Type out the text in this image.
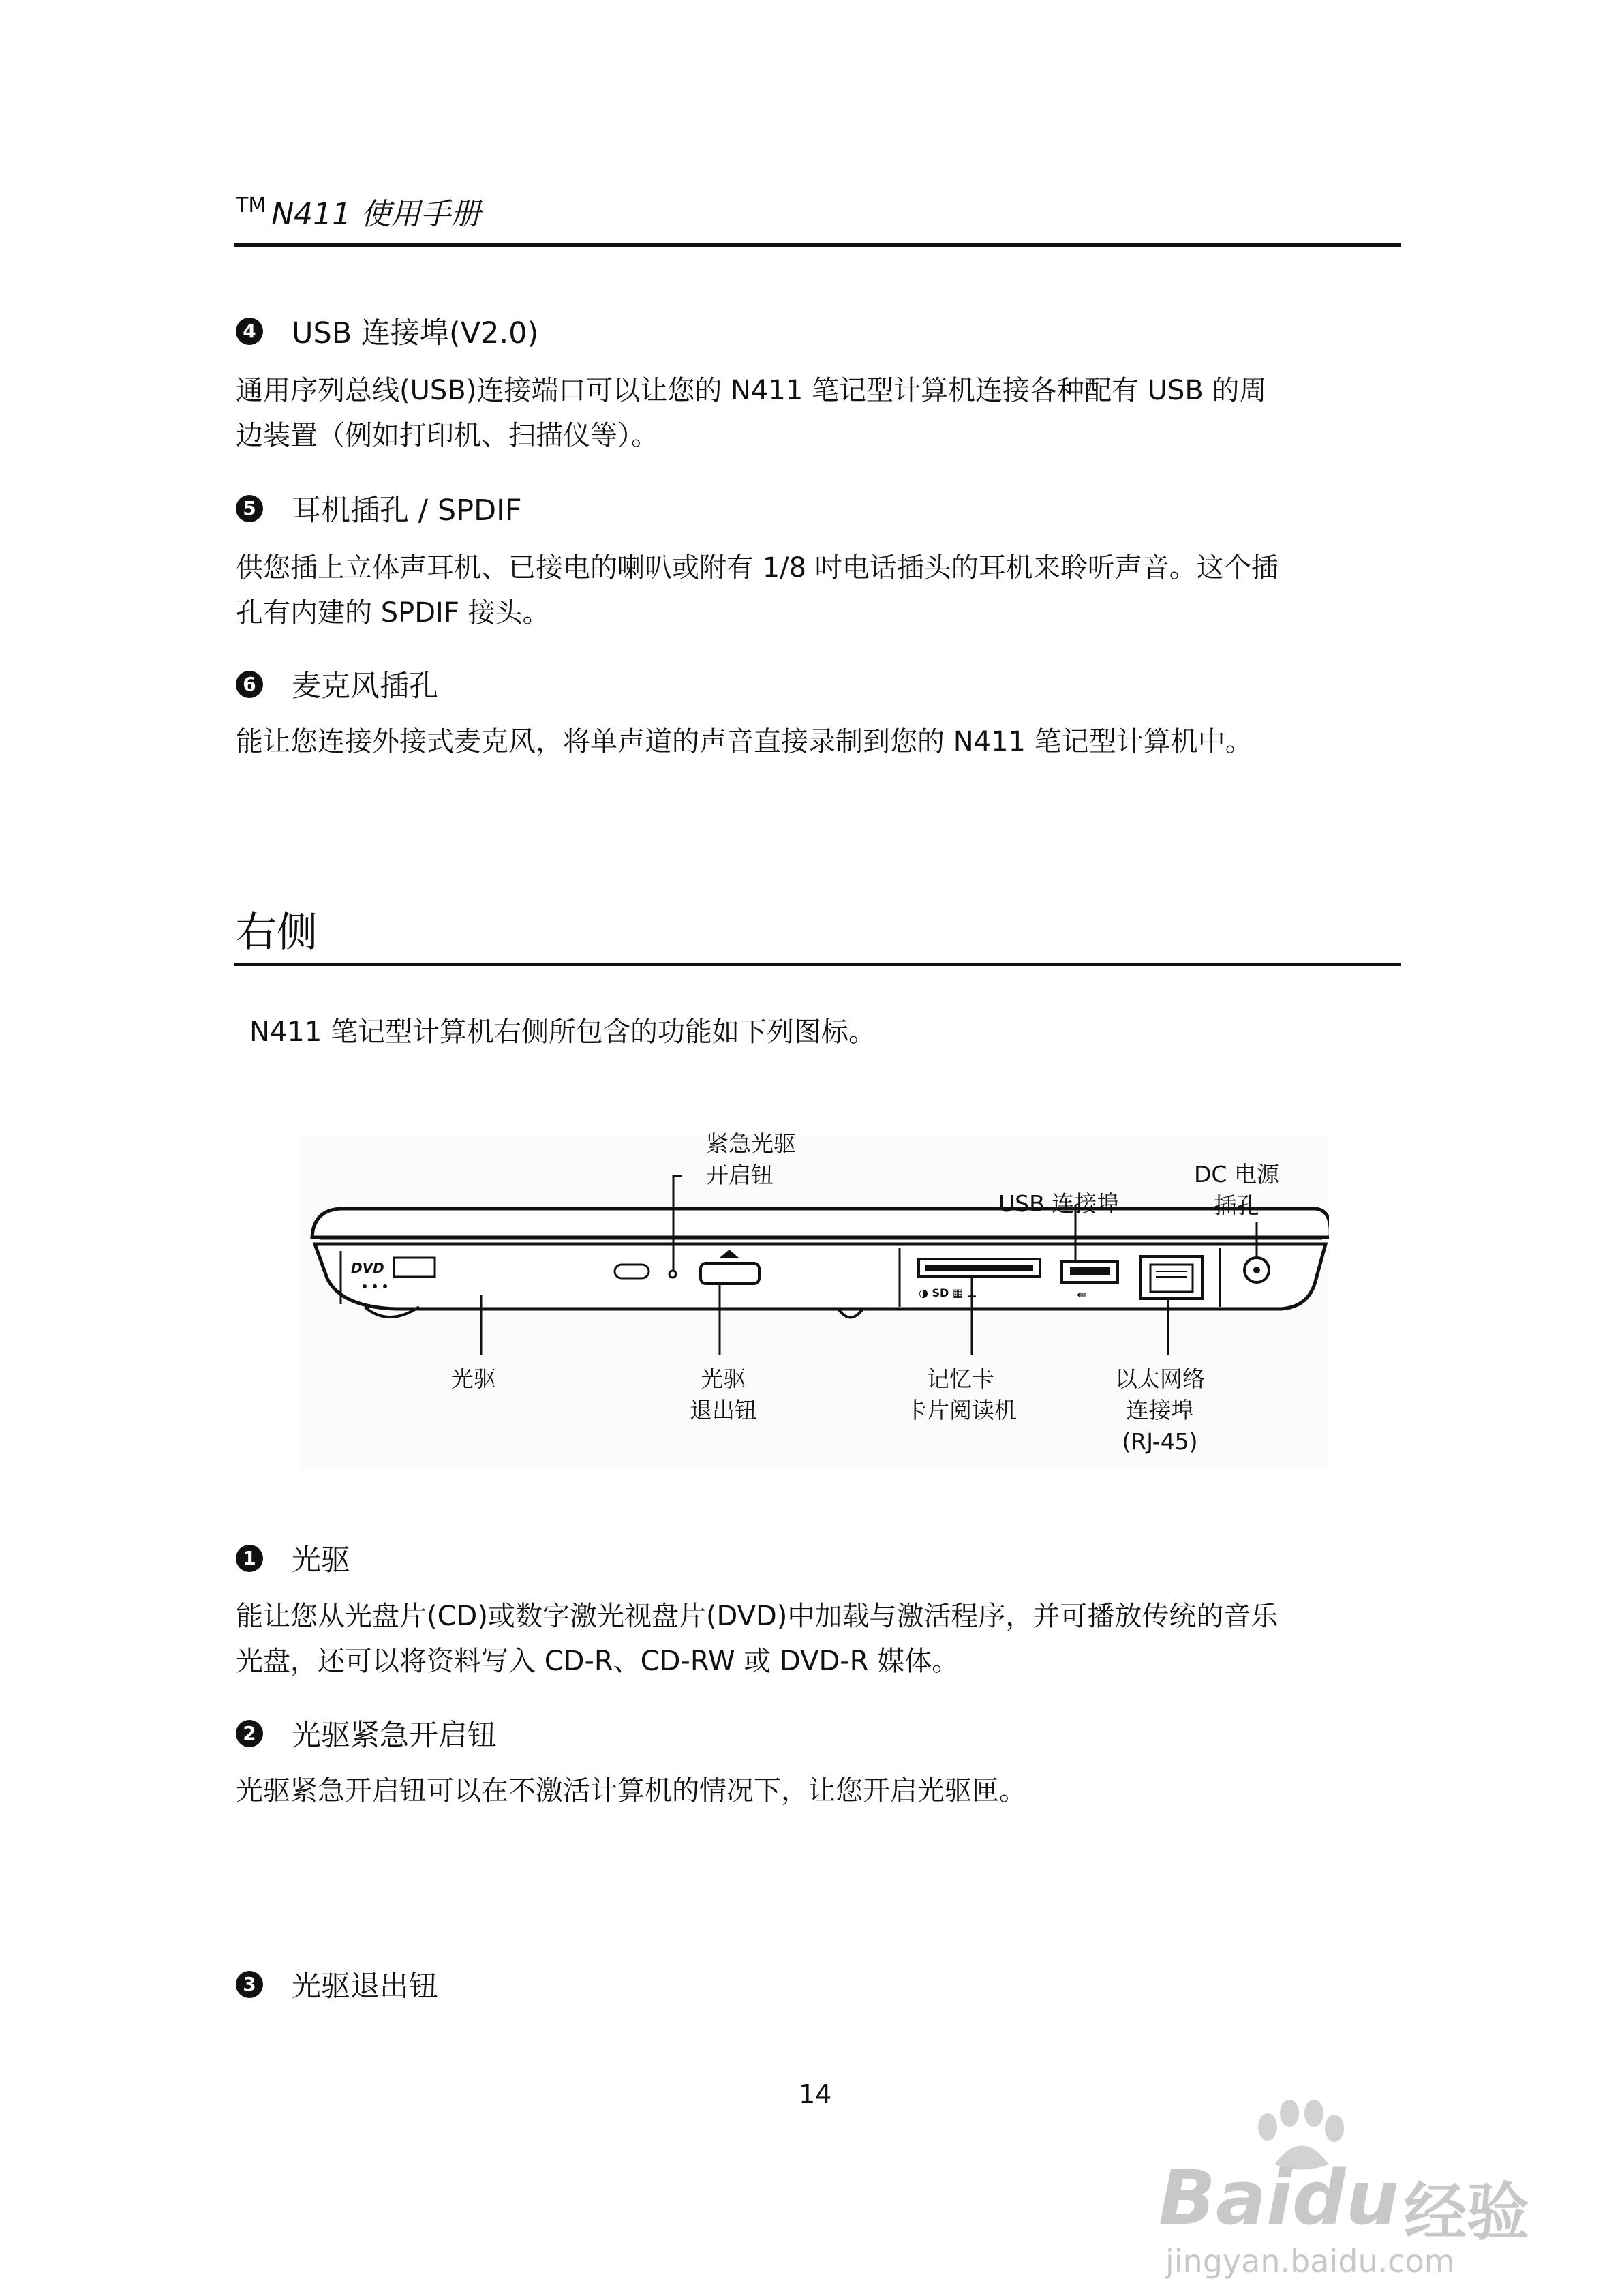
™ N411 使用手册
4 USB 连接埠(V2.0)

通用序列总线(USB)连接端口可以让您的 N411 笔记型计算机连接各种配有 USB 的周

边装置（例如打印机、扫描仪等）。

5 耳机插孔 / SPDIF

供您插上立体声耳机、已接电的喇叭或附有 1/8 吋电话插头的耳机来聆听声音。这个插

孔有内建的 SPDIF 接头。

6 麦克风插孔

能让您连接外接式麦克风，将单声道的声音直接录制到您的 N411 笔记型计算机中。

右侧
N411 笔记型计算机右侧所包含的功能如下列图标。
DVD
◑ SD ▦ ⊥	⇐
紧急光驱
开启钮
USB 连接埠
DC 电源
插孔
光驱	光驱
退出钮
记忆卡
卡片阅读机
以太网络
连接埠
(RJ-45)
1 光驱

能让您从光盘片(CD)或数字激光视盘片(DVD)中加载与激活程序，并可播放传统的音乐

光盘，还可以将资料写入 CD-R、CD-RW 或 DVD-R 媒体。

2 光驱紧急开启钮

光驱紧急开启钮可以在不激活计算机的情况下，让您开启光驱匣。

3 光驱退出钮
14
Baidu 经验
jingyan.baidu.com
